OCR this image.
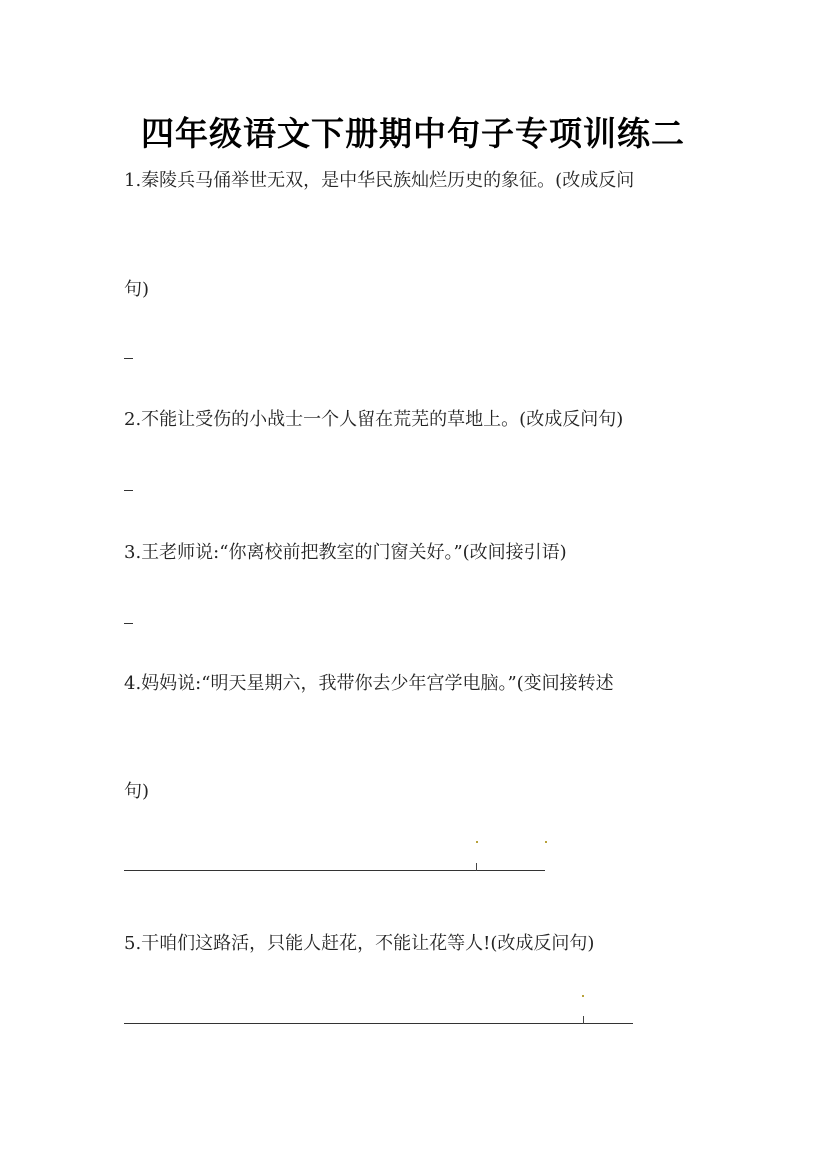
四年级语文下册期中句子专项训练二
1.秦陵兵马俑举世无双，是中华民族灿烂历史的象征。(改成反问
句)
2.不能让受伤的小战士一个人留在荒芜的草地上。(改成反问句)
3.王老师说:“你离校前把教室的门窗关好。”(改间接引语)
4.妈妈说:“明天星期六，我带你去少年宫学电脑。”(变间接转述
句)
5.干咱们这路活，只能人赶花，不能让花等人!(改成反问句)
